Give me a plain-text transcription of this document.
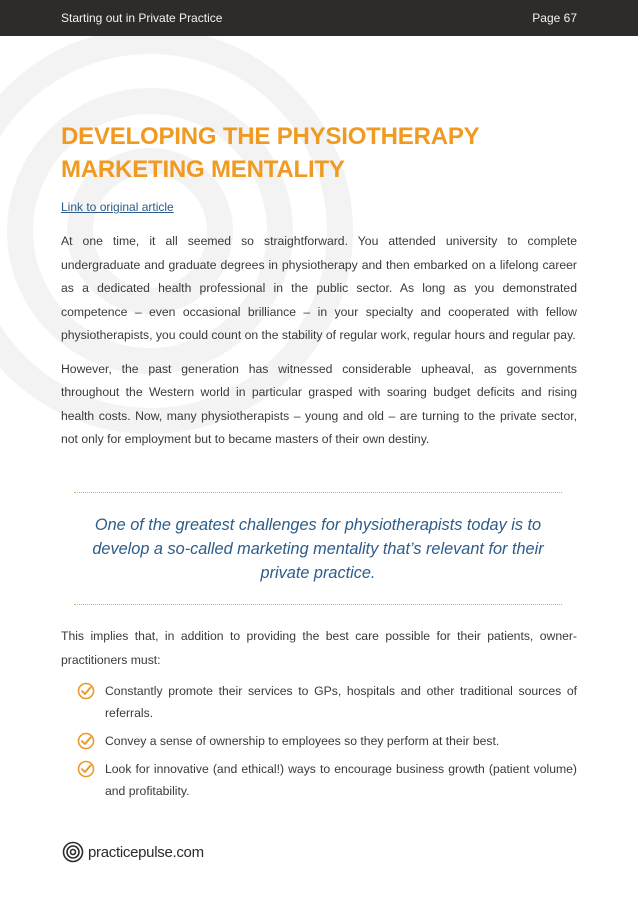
Starting out in Private Practice	Page 67
DEVELOPING THE PHYSIOTHERAPY MARKETING MENTALITY
Link to original article

At one time, it all seemed so straightforward. You attended university to complete undergraduate and graduate degrees in physiotherapy and then embarked on a lifelong career as a dedicated health professional in the public sector. As long as you demonstrated competence – even occasional brilliance – in your specialty and cooperated with fellow physiotherapists, you could count on the stability of regular work, regular hours and regular pay.

However, the past generation has witnessed considerable upheaval, as governments throughout the Western world in particular grasped with soaring budget deficits and rising health costs. Now, many physiotherapists – young and old – are turning to the private sector, not only for employment but to became masters of their own destiny.

One of the greatest challenges for physiotherapists today is to develop a so-called marketing mentality that’s relevant for their private practice.

This implies that, in addition to providing the best care possible for their patients, owner-practitioners must:

Constantly promote their services to GPs, hospitals and other traditional sources of referrals.
Convey a sense of ownership to employees so they perform at their best.
Look for innovative (and ethical!) ways to encourage business growth (patient volume) and profitability.
practicepulse.com
